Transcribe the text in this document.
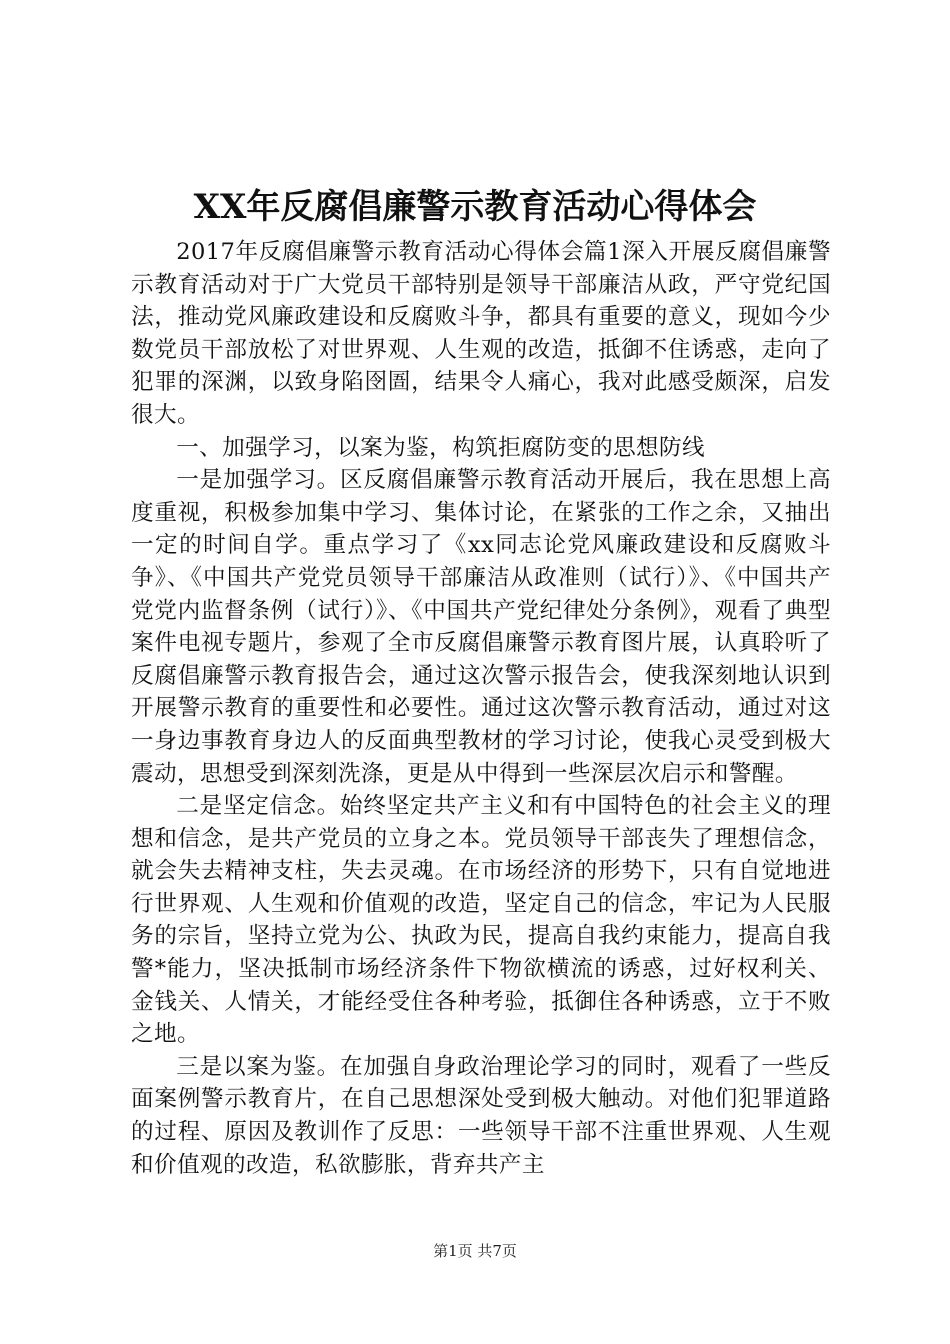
XX年反腐倡廉警示教育活动心得体会

2017年反腐倡廉警示教育活动心得体会篇1深入开展反腐倡廉警示教育活动对于广大党员干部特别是领导干部廉洁从政，严守党纪国法，推动党风廉政建设和反腐败斗争，都具有重要的意义，现如今少数党员干部放松了对世界观、人生观的改造，抵御不住诱惑，走向了犯罪的深渊，以致身陷囹圄，结果令人痛心，我对此感受颇深，启发很大。

一、加强学习，以案为鉴，构筑拒腐防变的思想防线

一是加强学习。区反腐倡廉警示教育活动开展后，我在思想上高度重视，积极参加集中学习、集体讨论，在紧张的工作之余，又抽出一定的时间自学。重点学习了《xx同志论党风廉政建设和反腐败斗争》、《中国共产党党员领导干部廉洁从政准则（试行）》、《中国共产党党内监督条例（试行）》、《中国共产党纪律处分条例》，观看了典型案件电视专题片，参观了全市反腐倡廉警示教育图片展，认真聆听了反腐倡廉警示教育报告会，通过这次警示报告会，使我深刻地认识到开展警示教育的重要性和必要性。通过这次警示教育活动，通过对这一身边事教育身边人的反面典型教材的学习讨论，使我心灵受到极大震动，思想受到深刻洗涤，更是从中得到一些深层次启示和警醒。

二是坚定信念。始终坚定共产主义和有中国特色的社会主义的理想和信念，是共产党员的立身之本。党员领导干部丧失了理想信念，就会失去精神支柱，失去灵魂。在市场经济的形势下，只有自觉地进行世界观、人生观和价值观的改造，坚定自己的信念，牢记为人民服务的宗旨，坚持立党为公、执政为民，提高自我约束能力，提高自我警*能力，坚决抵制市场经济条件下物欲横流的诱惑，过好权利关、金钱关、人情关，才能经受住各种考验，抵御住各种诱惑，立于不败之地。

三是以案为鉴。在加强自身政治理论学习的同时，观看了一些反面案例警示教育片，在自己思想深处受到极大触动。对他们犯罪道路的过程、原因及教训作了反思：一些领导干部不注重世界观、人生观和价值观的改造，私欲膨胀，背弃共产主

第1页 共7页
